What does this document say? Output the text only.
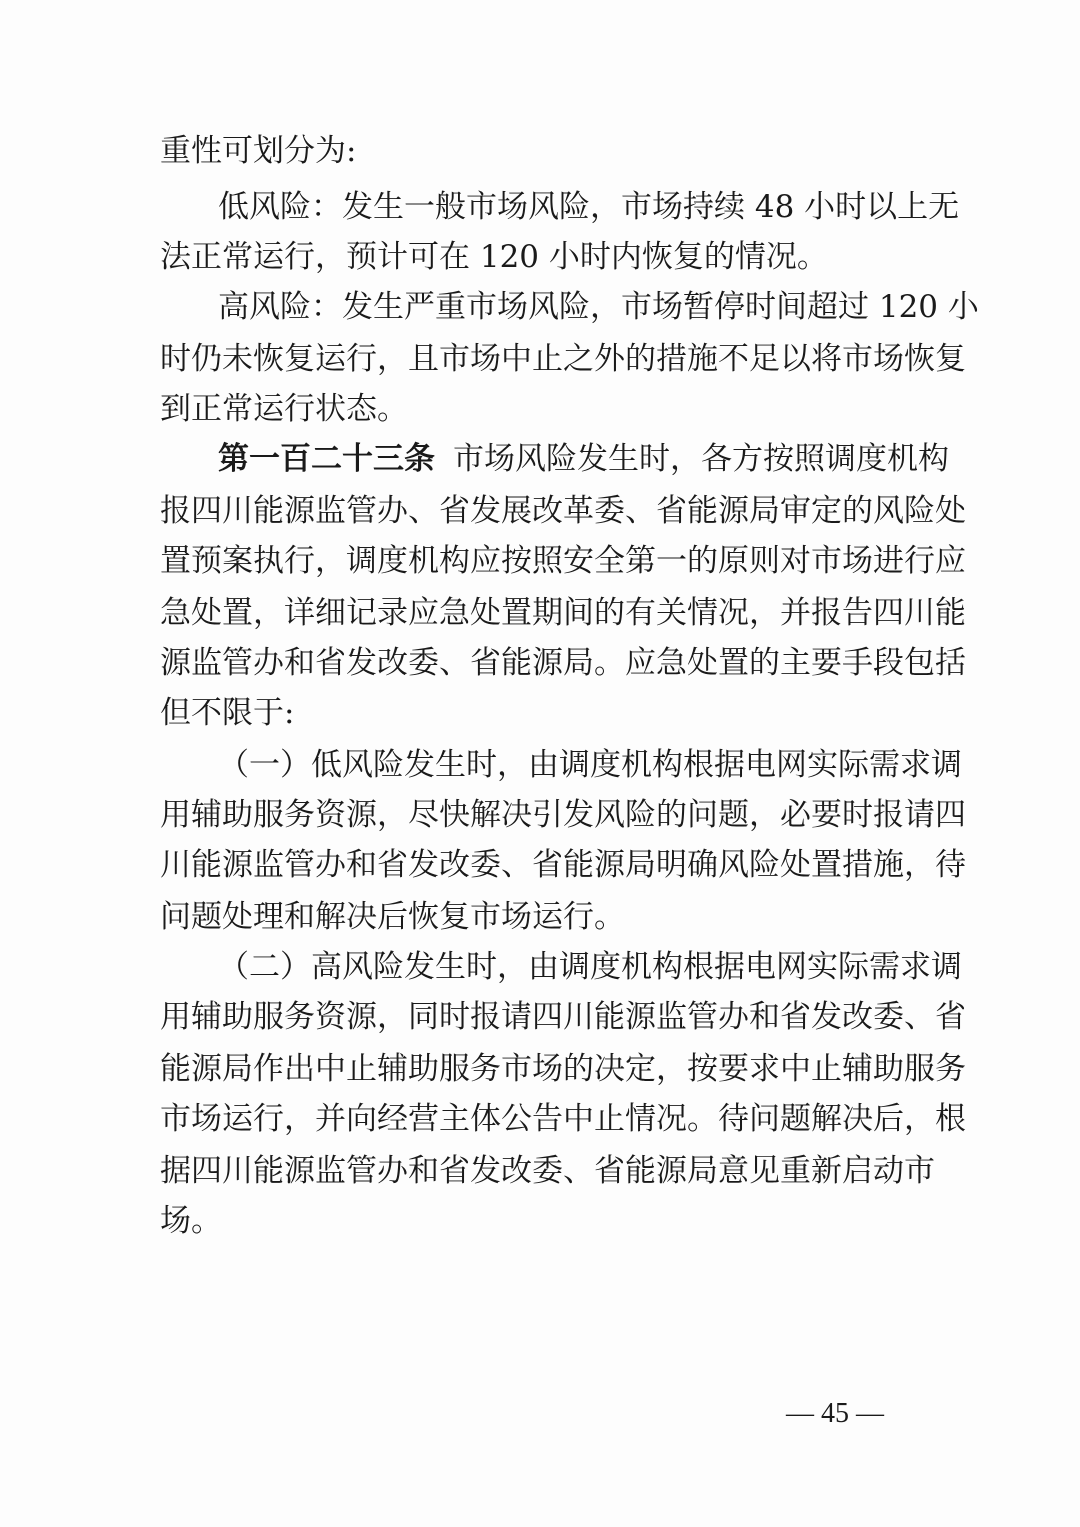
重性可划分为:
低风险：发生一般市场风险，市场持续 48 小时以上无
法正常运行，预计可在 120 小时内恢复的情况。
高风险：发生严重市场风险，市场暂停时间超过 120 小
时仍未恢复运行，且市场中止之外的措施不足以将市场恢复
到正常运行状态。
第一百二十三条 市场风险发生时，各方按照调度机构
报四川能源监管办、省发展改革委、省能源局审定的风险处
置预案执行，调度机构应按照安全第一的原则对市场进行应
急处置，详细记录应急处置期间的有关情况，并报告四川能
源监管办和省发改委、省能源局。应急处置的主要手段包括
但不限于:
（一）低风险发生时，由调度机构根据电网实际需求调
用辅助服务资源，尽快解决引发风险的问题，必要时报请四
川能源监管办和省发改委、省能源局明确风险处置措施，待
问题处理和解决后恢复市场运行。
（二）高风险发生时，由调度机构根据电网实际需求调
用辅助服务资源，同时报请四川能源监管办和省发改委、省
能源局作出中止辅助服务市场的决定，按要求中止辅助服务
市场运行，并向经营主体公告中止情况。待问题解决后，根
据四川能源监管办和省发改委、省能源局意见重新启动市
场。
— 45 —
